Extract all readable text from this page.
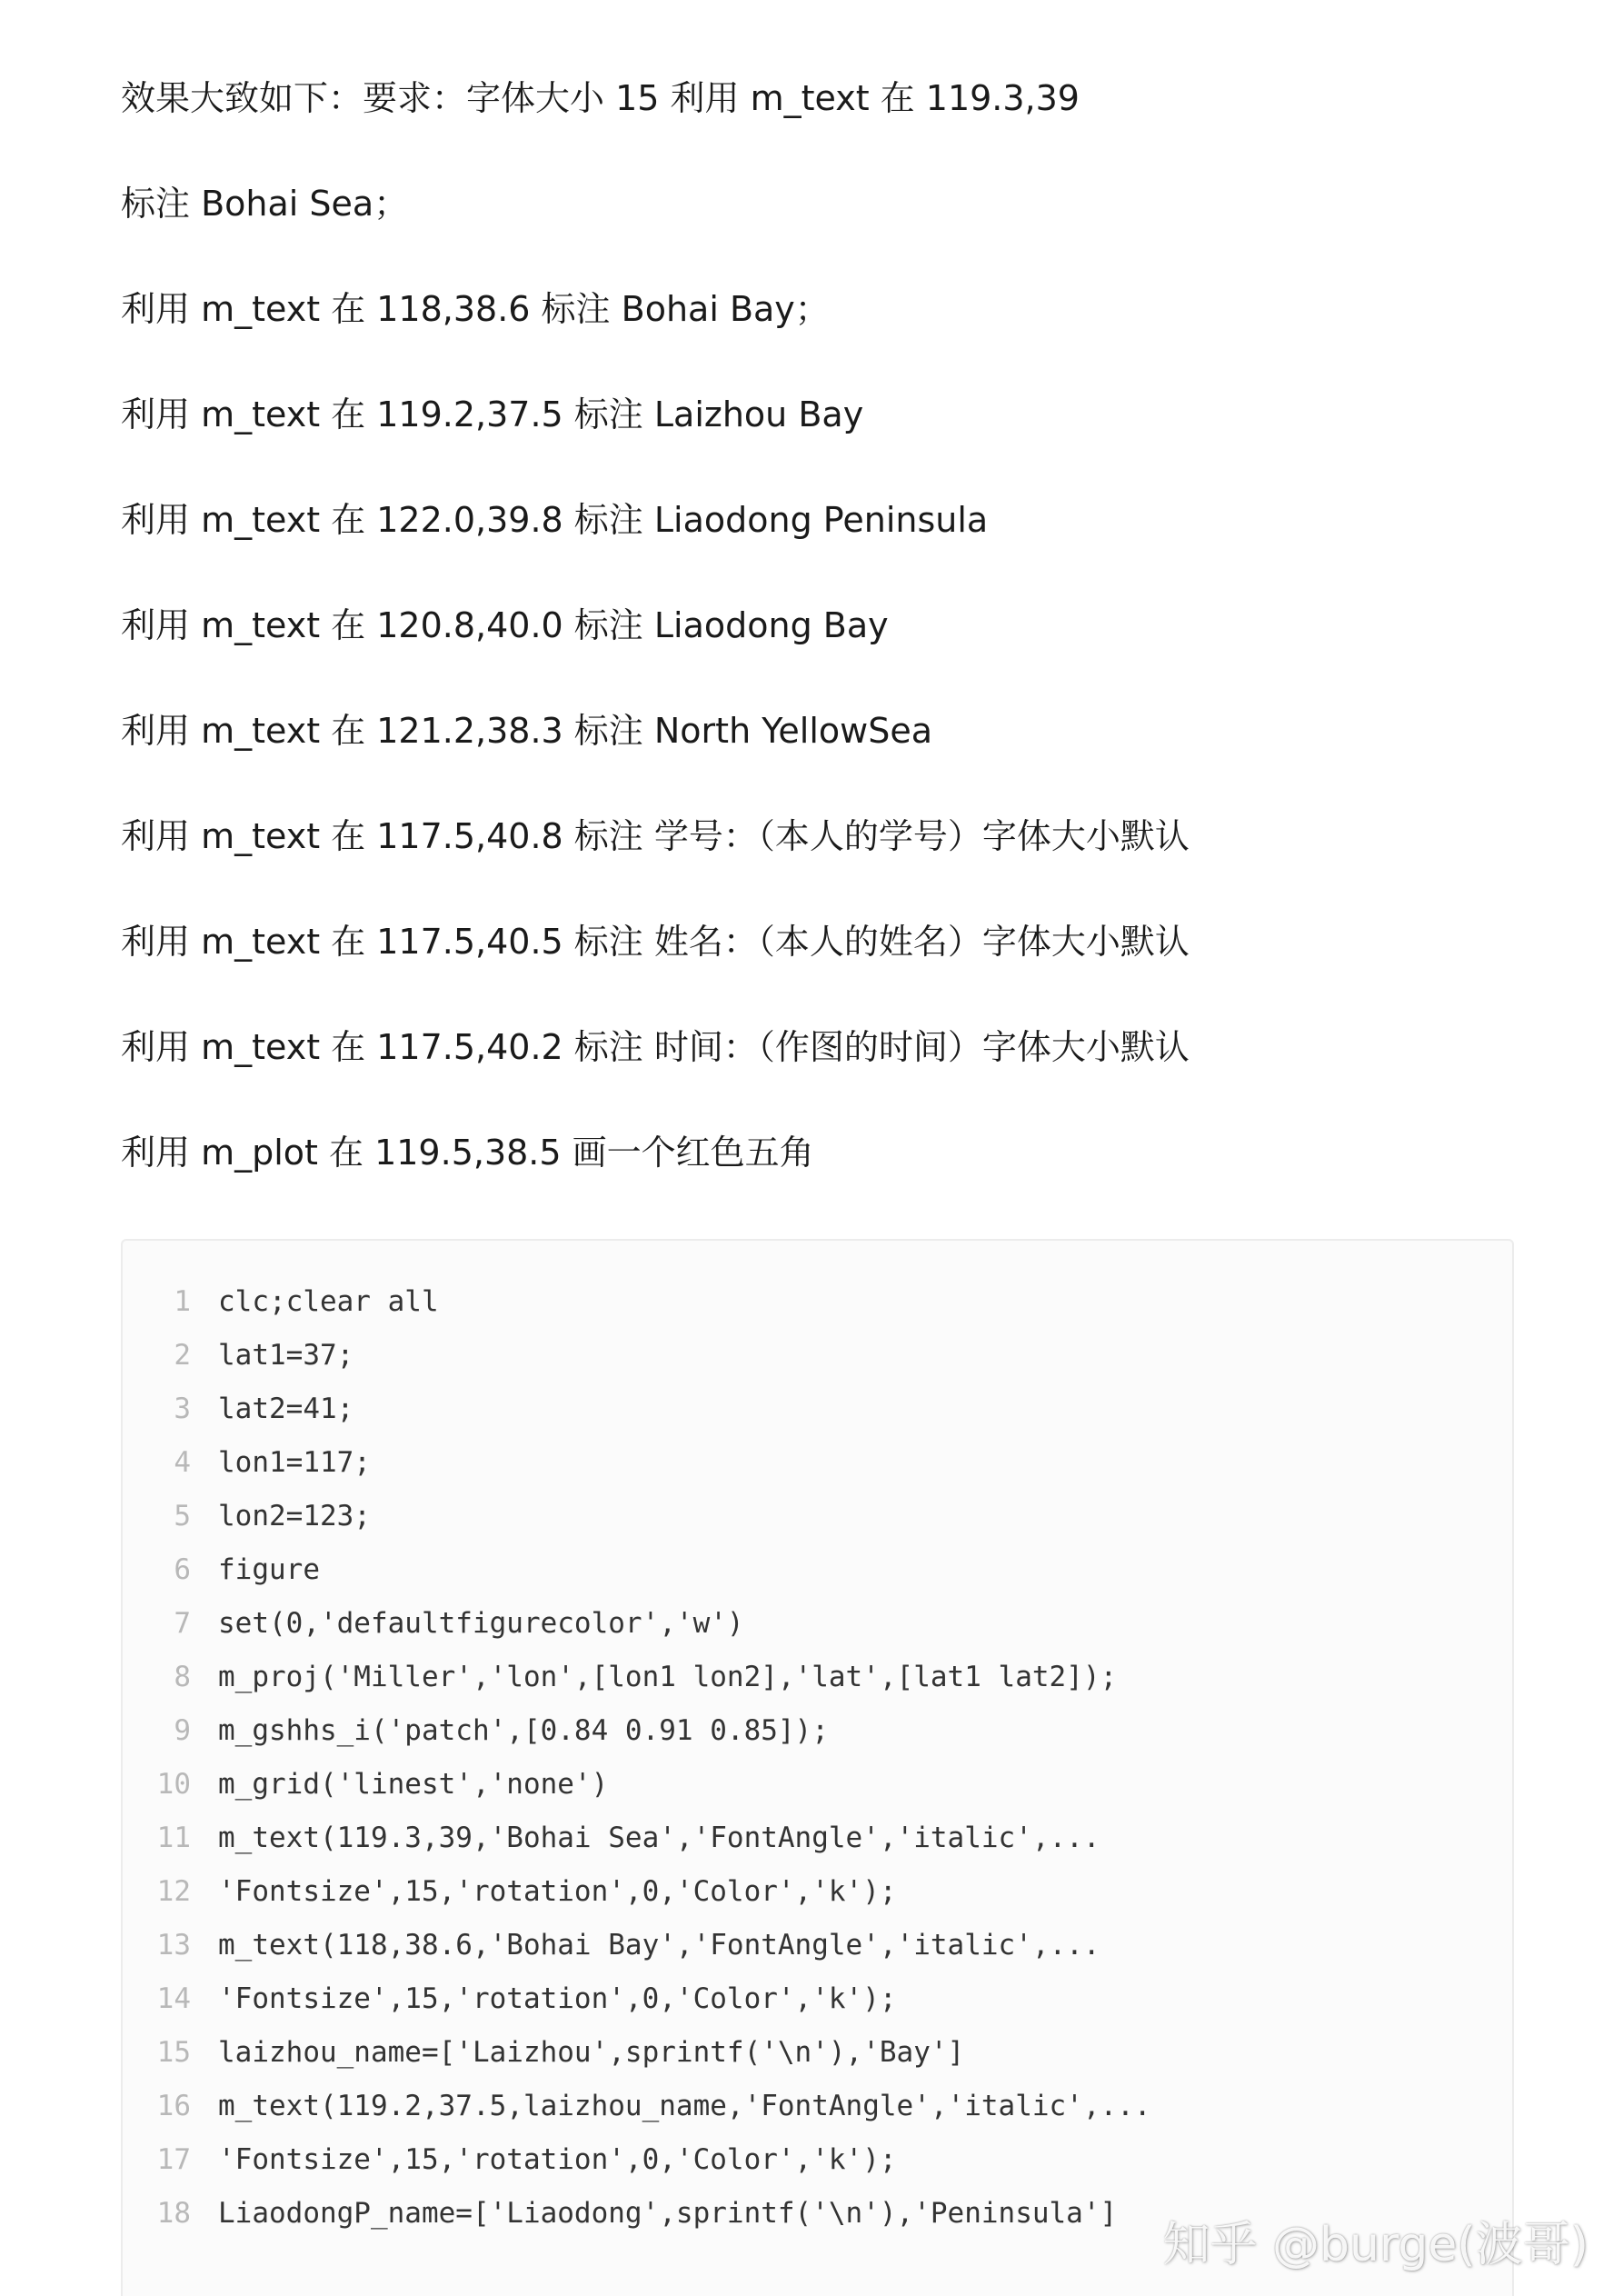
效果大致如下：要求：字体大小 15 利用 m_text 在 119.3,39

标注 Bohai Sea；

利用 m_text 在 118,38.6 标注 Bohai Bay；

利用 m_text 在 119.2,37.5 标注 Laizhou Bay

利用 m_text 在 122.0,39.8 标注 Liaodong Peninsula

利用 m_text 在 120.8,40.0 标注 Liaodong Bay

利用 m_text 在 121.2,38.3 标注 North YellowSea

利用 m_text 在 117.5,40.8 标注 学号：（本人的学号）字体大小默认

利用 m_text 在 117.5,40.5 标注 姓名：（本人的姓名）字体大小默认

利用 m_text 在 117.5,40.2 标注 时间：（作图的时间）字体大小默认

利用 m_plot 在 119.5,38.5 画一个红色五角

1 clc;clear all
2 lat1=37;
3 lat2=41;
4 lon1=117;
5 lon2=123;
6 figure
7 set(0,'defaultfigurecolor','w')
8 m_proj('Miller','lon',[lon1 lon2],'lat',[lat1 lat2]);
9 m_gshhs_i('patch',[0.84 0.91 0.85]);
10 m_grid('linest','none')
11 m_text(119.3,39,'Bohai Sea','FontAngle','italic',...
12 'Fontsize',15,'rotation',0,'Color','k');
13 m_text(118,38.6,'Bohai Bay','FontAngle','italic',...
14 'Fontsize',15,'rotation',0,'Color','k');
15 laizhou_name=['Laizhou',sprintf('\n'),'Bay']
16 m_text(119.2,37.5,laizhou_name,'FontAngle','italic',...
17 'Fontsize',15,'rotation',0,'Color','k');
18 LiaodongP_name=['Liaodong',sprintf('\n'),'Peninsula']
知乎 @burge(波哥)
